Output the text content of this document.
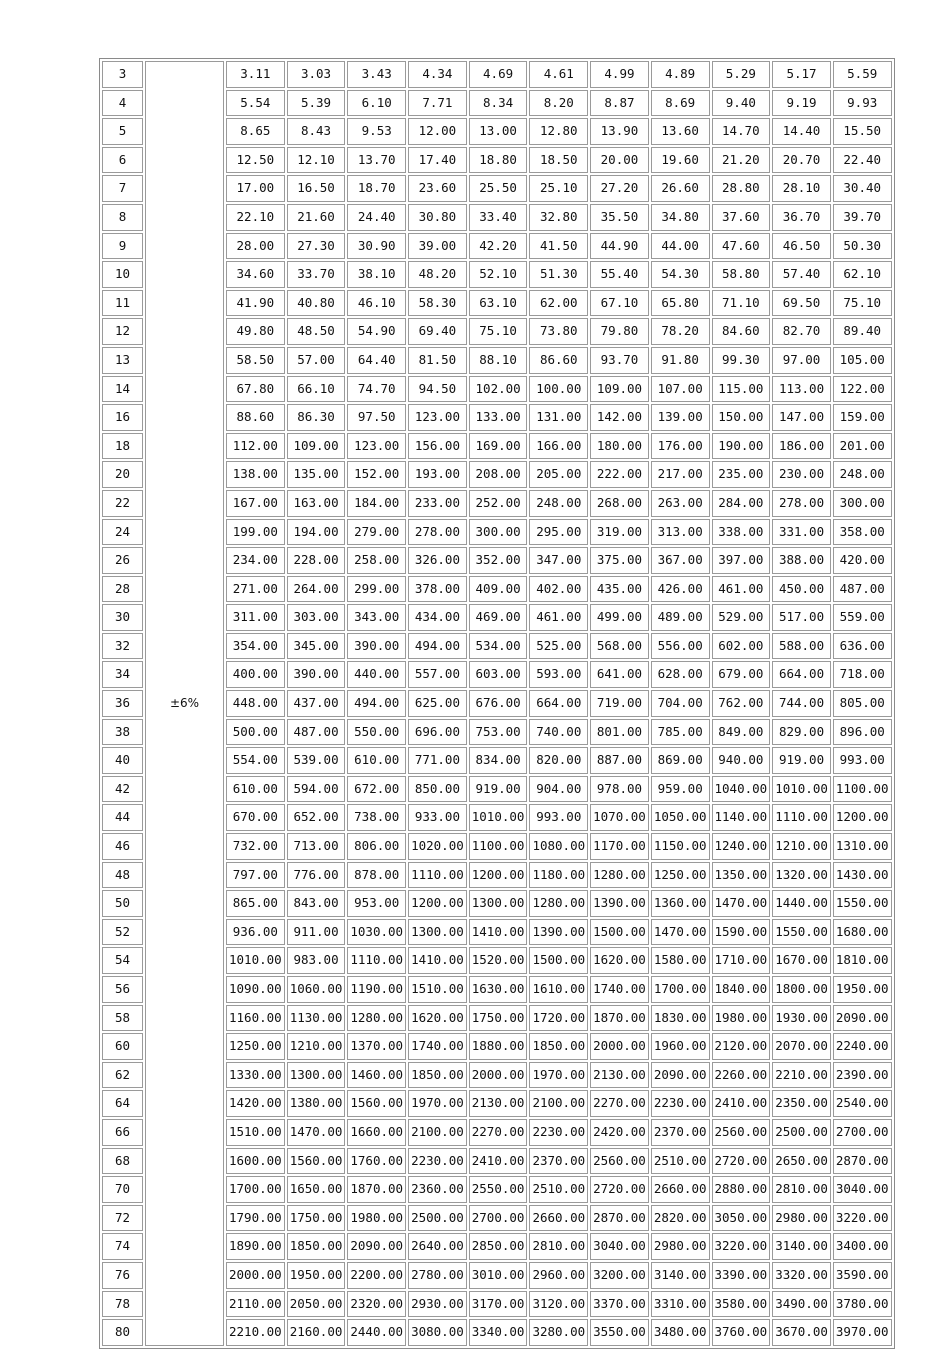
3	±6%	3.11	3.03	3.43	4.34	4.69	4.61	4.99	4.89	5.29	5.17	5.59

4		5.54	5.39	6.10	7.71	8.34	8.20	8.87	8.69	9.40	9.19	9.93
5		8.65	8.43	9.53	12.00	13.00	12.80	13.90	13.60	14.70	14.40	15.50

6		12.50	12.10	13.70	17.40	18.80	18.50	20.00	19.60	21.20	20.70	22.40
7		17.00	16.50	18.70	23.60	25.50	25.10	27.20	26.60	28.80	28.10	30.40
8		22.10	21.60	24.40	30.80	33.40	32.80	35.50	34.80	37.60	36.70	39.70
9		28.00	27.30	30.90	39.00	42.20	41.50	44.90	44.00	47.60	46.50	50.30
10		34.60	33.70	38.10	48.20	52.10	51.30	55.40	54.30	58.80	57.40	62.10
11		41.90	40.80	46.10	58.30	63.10	62.00	67.10	65.80	71.10	69.50	75.10
12		49.80	48.50	54.90	69.40	75.10	73.80	79.80	78.20	84.60	82.70	89.40
13		58.50	57.00	64.40	81.50	88.10	86.60	93.70	91.80	99.30	97.00	105.00
14		67.80	66.10	74.70	94.50	102.00	100.00	109.00	107.00	115.00	113.00	122.00
16		88.60	86.30	97.50	123.00	133.00	131.00	142.00	139.00	150.00	147.00	159.00
18		112.00	109.00	123.00	156.00	169.00	166.00	180.00	176.00	190.00	186.00	201.00
20		138.00	135.00	152.00	193.00	208.00	205.00	222.00	217.00	235.00	230.00	248.00
22		167.00	163.00	184.00	233.00	252.00	248.00	268.00	263.00	284.00	278.00	300.00
24		199.00	194.00	279.00	278.00	300.00	295.00	319.00	313.00	338.00	331.00	358.00
26		234.00	228.00	258.00	326.00	352.00	347.00	375.00	367.00	397.00	388.00	420.00
28		271.00	264.00	299.00	378.00	409.00	402.00	435.00	426.00	461.00	450.00	487.00
30		311.00	303.00	343.00	434.00	469.00	461.00	499.00	489.00	529.00	517.00	559.00
32		354.00	345.00	390.00	494.00	534.00	525.00	568.00	556.00	602.00	588.00	636.00
34		400.00	390.00	440.00	557.00	603.00	593.00	641.00	628.00	679.00	664.00	718.00
36		448.00	437.00	494.00	625.00	676.00	664.00	719.00	704.00	762.00	744.00	805.00
38		500.00	487.00	550.00	696.00	753.00	740.00	801.00	785.00	849.00	829.00	896.00
40		554.00	539.00	610.00	771.00	834.00	820.00	887.00	869.00	940.00	919.00	993.00
42		610.00	594.00	672.00	850.00	919.00	904.00	978.00	959.00	1040.00	1010.00	1100.00
44		670.00	652.00	738.00	933.00	1010.00	993.00	1070.00	1050.00	1140.00	1110.00	1200.00
46		732.00	713.00	806.00	1020.00	1100.00	1080.00	1170.00	1150.00	1240.00	1210.00	1310.00
48		797.00	776.00	878.00	1110.00	1200.00	1180.00	1280.00	1250.00	1350.00	1320.00	1430.00
50		865.00	843.00	953.00	1200.00	1300.00	1280.00	1390.00	1360.00	1470.00	1440.00	1550.00
52		936.00	911.00	1030.00	1300.00	1410.00	1390.00	1500.00	1470.00	1590.00	1550.00	1680.00
54		1010.00	983.00	1110.00	1410.00	1520.00	1500.00	1620.00	1580.00	1710.00	1670.00	1810.00
56		1090.00	1060.00	1190.00	1510.00	1630.00	1610.00	1740.00	1700.00	1840.00	1800.00	1950.00
58		1160.00	1130.00	1280.00	1620.00	1750.00	1720.00	1870.00	1830.00	1980.00	1930.00	2090.00
60		1250.00	1210.00	1370.00	1740.00	1880.00	1850.00	2000.00	1960.00	2120.00	2070.00	2240.00
62		1330.00	1300.00	1460.00	1850.00	2000.00	1970.00	2130.00	2090.00	2260.00	2210.00	2390.00
64		1420.00	1380.00	1560.00	1970.00	2130.00	2100.00	2270.00	2230.00	2410.00	2350.00	2540.00
66		1510.00	1470.00	1660.00	2100.00	2270.00	2230.00	2420.00	2370.00	2560.00	2500.00	2700.00
68		1600.00	1560.00	1760.00	2230.00	2410.00	2370.00	2560.00	2510.00	2720.00	2650.00	2870.00
70		1700.00	1650.00	1870.00	2360.00	2550.00	2510.00	2720.00	2660.00	2880.00	2810.00	3040.00
72		1790.00	1750.00	1980.00	2500.00	2700.00	2660.00	2870.00	2820.00	3050.00	2980.00	3220.00
74		1890.00	1850.00	2090.00	2640.00	2850.00	2810.00	3040.00	2980.00	3220.00	3140.00	3400.00
76		2000.00	1950.00	2200.00	2780.00	3010.00	2960.00	3200.00	3140.00	3390.00	3320.00	3590.00
78		2110.00	2050.00	2320.00	2930.00	3170.00	3120.00	3370.00	3310.00	3580.00	3490.00	3780.00
80		2210.00	2160.00	2440.00	3080.00	3340.00	3280.00	3550.00	3480.00	3760.00	3670.00	3970.00
